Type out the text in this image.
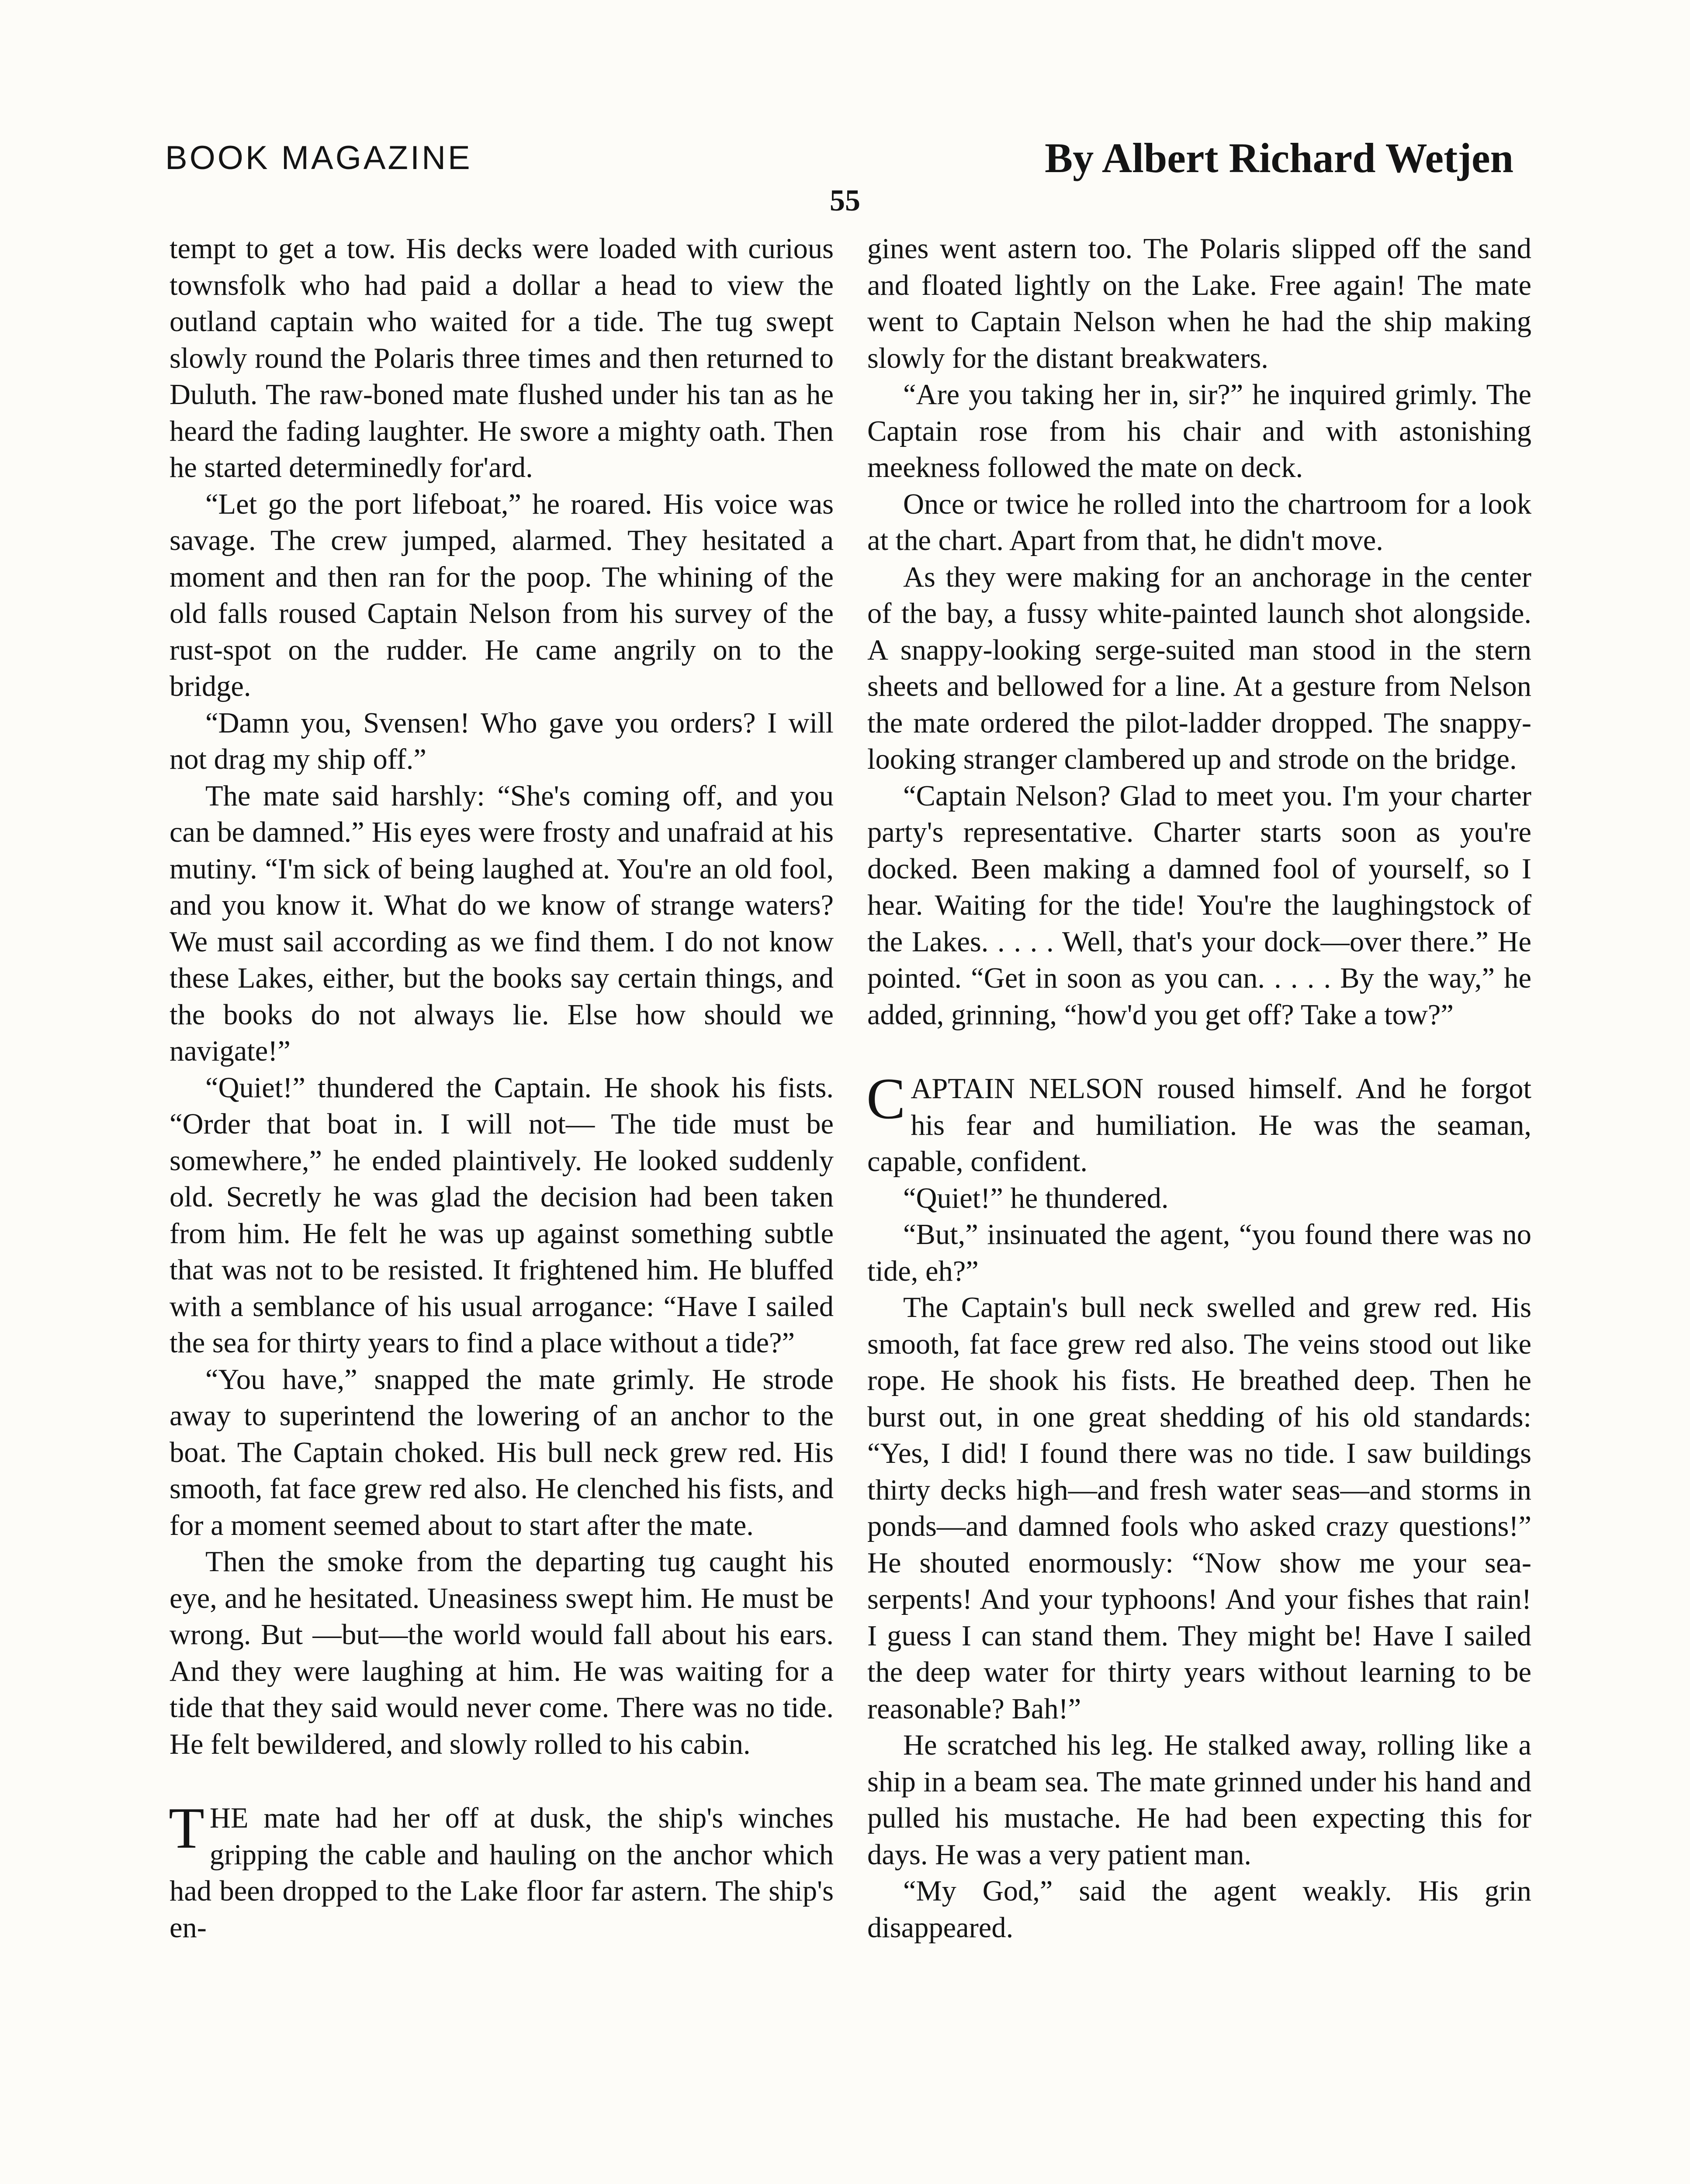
BOOK MAGAZINE	By Albert Richard Wetjen
55

tempt to get a tow. His decks were loaded with curious townsfolk who had paid a dollar a head to view the outland captain who waited for a tide. The tug swept slowly round the Polaris three times and then returned to Duluth. The raw-boned mate flushed under his tan as he heard the fading laughter. He swore a mighty oath. Then he started determinedly for'ard.

“Let go the port lifeboat,” he roared. His voice was savage. The crew jumped, alarmed. They hesitated a moment and then ran for the poop. The whining of the old falls roused Captain Nelson from his survey of the rust-spot on the rudder. He came angrily on to the bridge.

“Damn you, Svensen! Who gave you orders? I will not drag my ship off.”

The mate said harshly: “She's coming off, and you can be damned.” His eyes were frosty and unafraid at his mutiny. “I'm sick of being laughed at. You're an old fool, and you know it. What do we know of strange waters? We must sail according as we find them. I do not know these Lakes, either, but the books say certain things, and the books do not always lie. Else how should we navigate!”

“Quiet!” thundered the Captain. He shook his fists. “Order that boat in. I will not— The tide must be somewhere,” he ended plaintively. He looked suddenly old. Secretly he was glad the decision had been taken from him. He felt he was up against something subtle that was not to be resisted. It frightened him. He bluffed with a semblance of his usual arrogance: “Have I sailed the sea for thirty years to find a place without a tide?”

“You have,” snapped the mate grimly. He strode away to superintend the lowering of an anchor to the boat. The Captain choked. His bull neck grew red. His smooth, fat face grew red also. He clenched his fists, and for a moment seemed about to start after the mate.

Then the smoke from the departing tug caught his eye, and he hesitated. Uneasiness swept him. He must be wrong. But —but—the world would fall about his ears. And they were laughing at him. He was waiting for a tide that they said would never come. There was no tide. He felt bewildered, and slowly rolled to his cabin.

THE mate had her off at dusk, the ship's winches gripping the cable and hauling on the anchor which had been dropped to the Lake floor far astern. The ship's en-

gines went astern too. The Polaris slipped off the sand and floated lightly on the Lake. Free again! The mate went to Captain Nelson when he had the ship making slowly for the distant breakwaters.

“Are you taking her in, sir?” he inquired grimly. The Captain rose from his chair and with astonishing meekness followed the mate on deck.

Once or twice he rolled into the chartroom for a look at the chart. Apart from that, he didn't move.

As they were making for an anchorage in the center of the bay, a fussy white-painted launch shot alongside. A snappy-looking serge-suited man stood in the stern sheets and bellowed for a line. At a gesture from Nelson the mate ordered the pilot-ladder dropped. The snappy-looking stranger clambered up and strode on the bridge.

“Captain Nelson? Glad to meet you. I'm your charter party's representative. Charter starts soon as you're docked. Been making a damned fool of yourself, so I hear. Waiting for the tide! You're the laughingstock of the Lakes. . . . . Well, that's your dock—over there.” He pointed. “Get in soon as you can. . . . . By the way,” he added, grinning, “how'd you get off? Take a tow?”

CAPTAIN NELSON roused himself. And he forgot his fear and humiliation. He was the seaman, capable, confident.

“Quiet!” he thundered.

“But,” insinuated the agent, “you found there was no tide, eh?”

The Captain's bull neck swelled and grew red. His smooth, fat face grew red also. The veins stood out like rope. He shook his fists. He breathed deep. Then he burst out, in one great shedding of his old standards: “Yes, I did! I found there was no tide. I saw buildings thirty decks high—and fresh water seas—and storms in ponds—and damned fools who asked crazy questions!” He shouted enormously: “Now show me your sea-serpents! And your typhoons! And your fishes that rain! I guess I can stand them. They might be! Have I sailed the deep water for thirty years without learning to be reasonable? Bah!”

He scratched his leg. He stalked away, rolling like a ship in a beam sea. The mate grinned under his hand and pulled his mustache. He had been expecting this for days. He was a very patient man.

“My God,” said the agent weakly. His grin disappeared.
